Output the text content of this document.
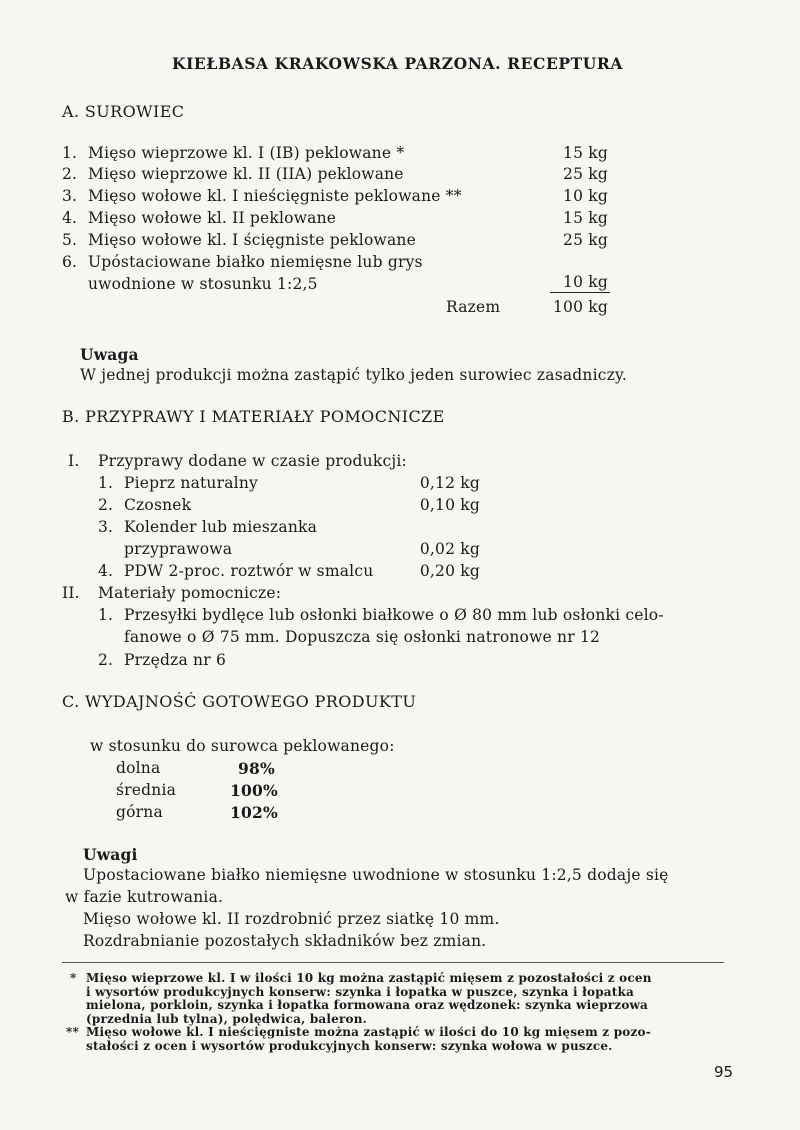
KIEŁBASA KRAKOWSKA PARZONA. RECEPTURA
A. SUROWIEC
1. Mięso wieprzowe kl. I (IB) peklowane *	15 kg
2. Mięso wieprzowe kl. II (IIA) peklowane	25 kg
3. Mięso wołowe kl. I nieścięgniste peklowane **	10 kg
4. Mięso wołowe kl. II peklowane	15 kg
5. Mięso wołowe kl. I ścięgniste peklowane	25 kg
6. Upóstaciowane białko niemięsne lub grys
uwodnione w stosunku 1:2,5	10 kg
Razem	100 kg
Uwaga
W jednej produkcji można zastąpić tylko jeden surowiec zasadniczy.
B. PRZYPRAWY I MATERIAŁY POMOCNICZE
I. Przyprawy dodane w czasie produkcji:
1. Pieprz naturalny	0,12 kg
2. Czosnek	0,10 kg
3. Kolender lub mieszanka
przyprawowa	0,02 kg
4. PDW 2-proc. roztwór w smalcu	0,20 kg
II. Materiały pomocnicze:
1. Przesyłki bydlęce lub osłonki białkowe o Ø 80 mm lub osłonki celo-
fanowe o Ø 75 mm. Dopuszcza się osłonki natronowe nr 12
2. Przędza nr 6
C. WYDAJNOŚĆ GOTOWEGO PRODUKTU
w stosunku do surowca peklowanego:
dolna	98%
średnia	100%
górna	102%
Uwagi
Upostaciowane białko niemięsne uwodnione w stosunku 1:2,5 dodaje się
w fazie kutrowania.
Mięso wołowe kl. II rozdrobnić przez siatkę 10 mm.
Rozdrabnianie pozostałych składników bez zmian.
* Mięso wieprzowe kl. I w ilości 10 kg można zastąpić mięsem z pozostałości z ocen
i wysortów produkcyjnych konserw: szynka i łopatka w puszce, szynka i łopatka
mielona, porkloin, szynka i łopatka formowana oraz wędzonek: szynka wieprzowa
(przednia lub tylna), polędwica, baleron.
** Mięso wołowe kl. I nieścięgniste można zastąpić w ilości do 10 kg mięsem z pozo-
stałości z ocen i wysortów produkcyjnych konserw: szynka wołowa w puszce.
95
